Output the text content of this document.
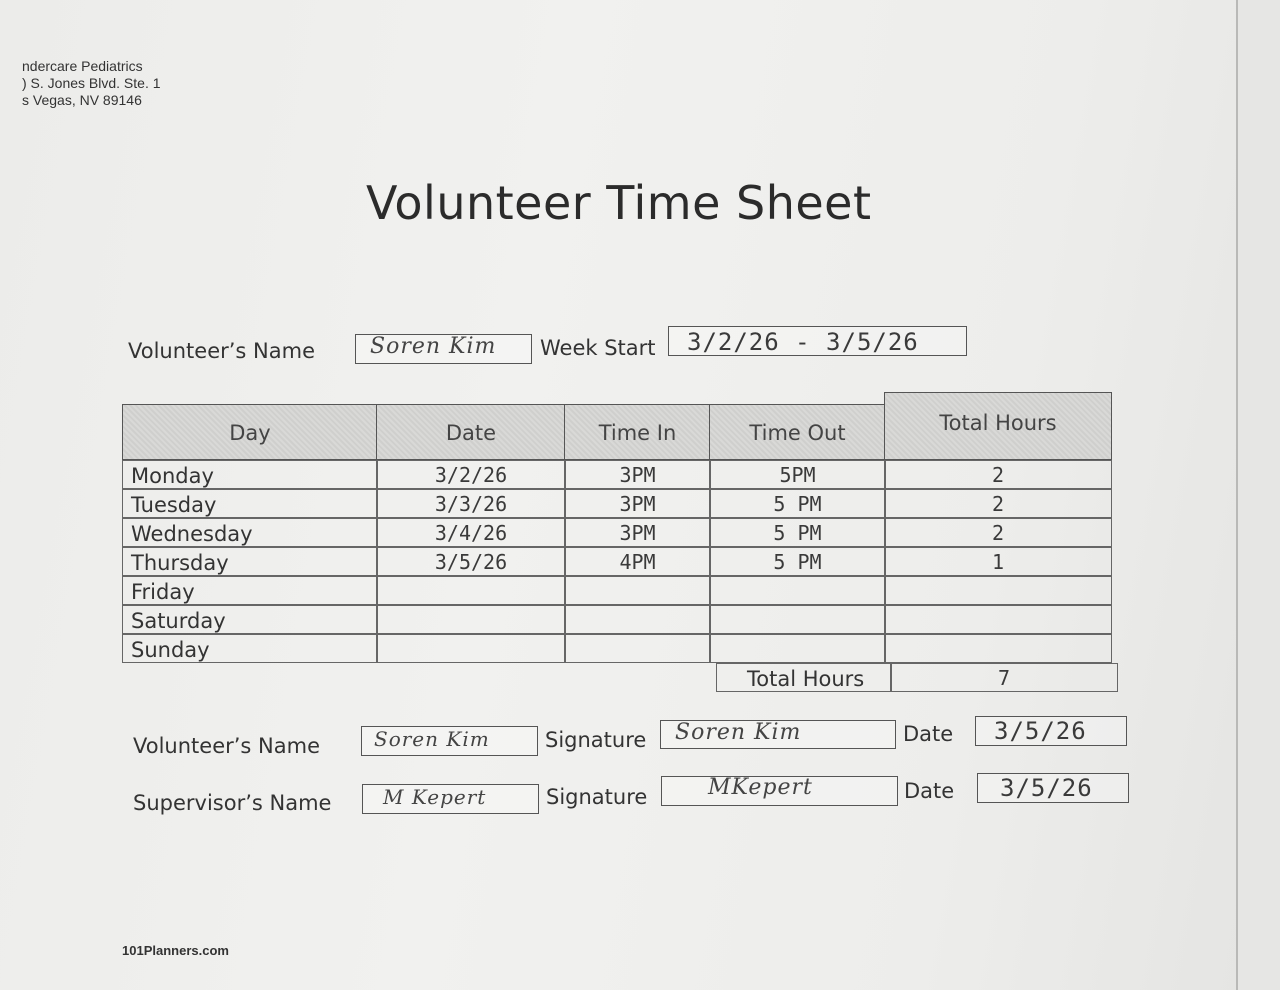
ndercare Pediatrics
) S. Jones Blvd. Ste. 1
s Vegas, NV 89146
Volunteer Time Sheet
Volunteer’s Name	Soren Kim Week Start 3/2/26 - 3/5/26
Day	Date	Time In	Time Out	Total Hours
Monday	3/2/26	3PM	5PM	2
Tuesday	3/3/26	3PM	5 PM	2
Wednesday	3/4/26	3PM	5 PM	2
Thursday	3/5/26	4PM	5 PM	1
Friday
Saturday
Sunday
Total Hours	7
Volunteer’s Name	Soren Kim	Signature Soren Kim	Date 3/5/26
Supervisor’s Name	M Kepert	Signature	MKepert	Date 3/5/26
101Planners.com
